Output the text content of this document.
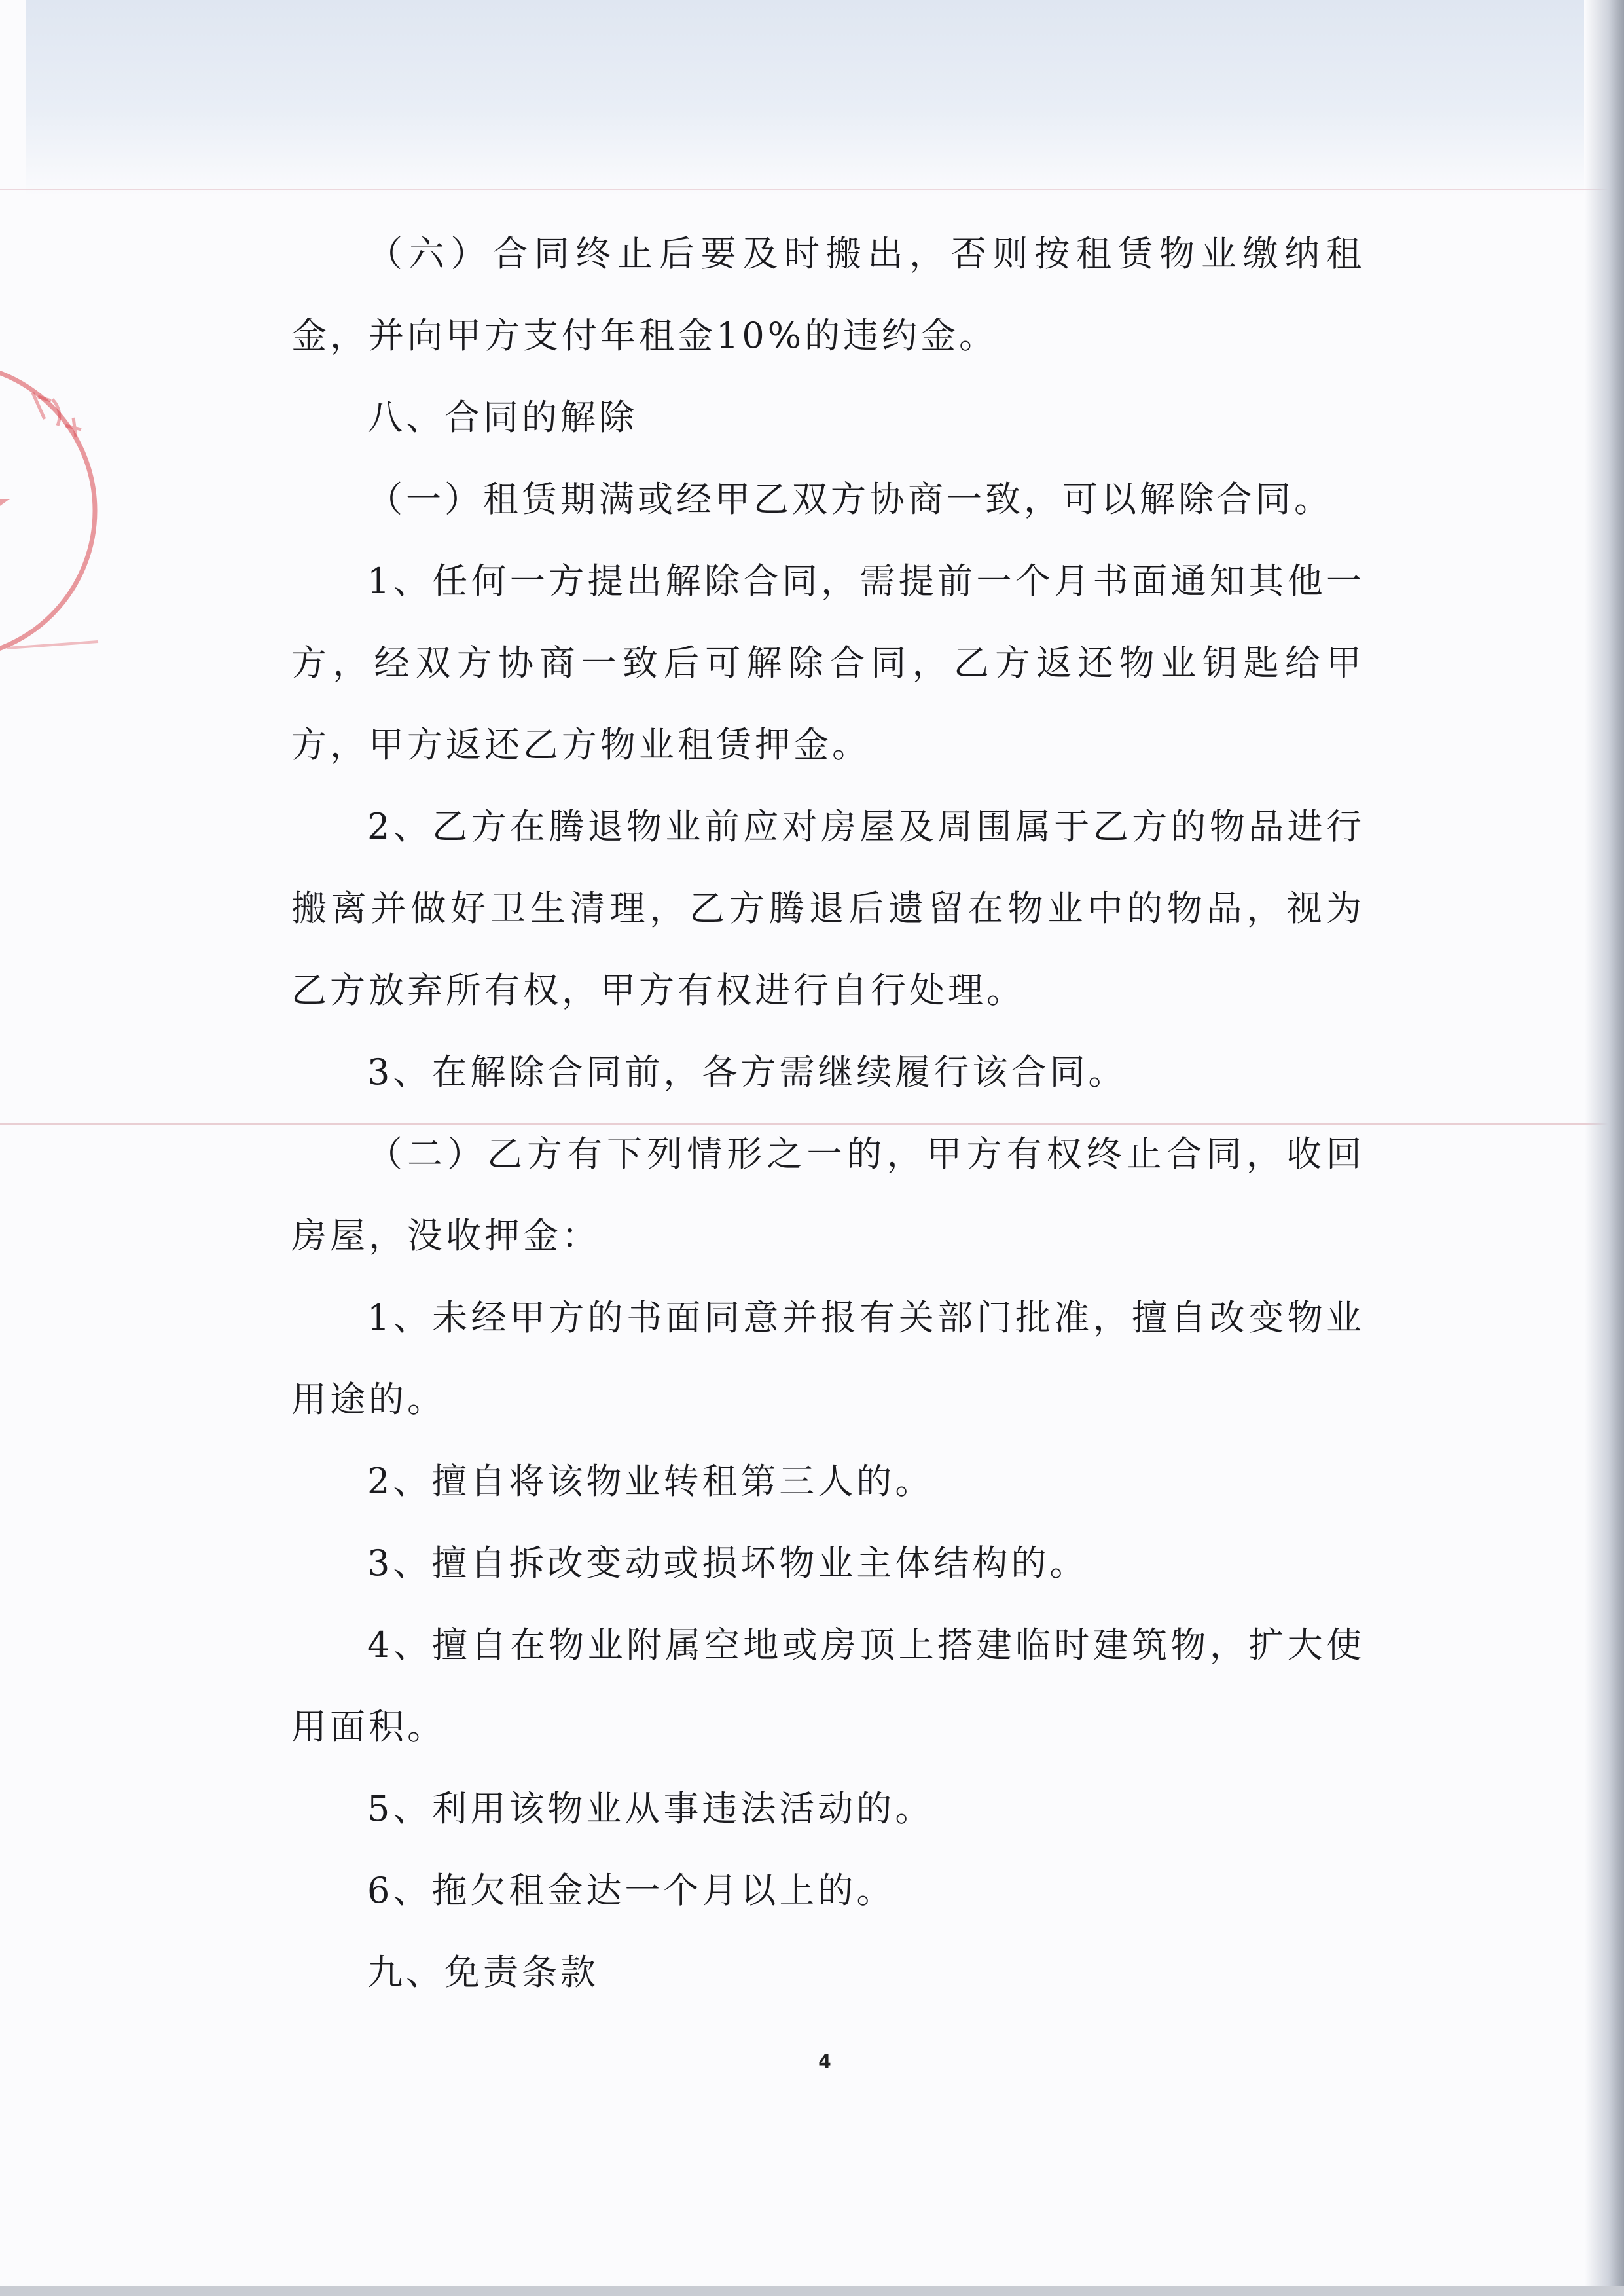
（六）合同终止后要及时搬出，否则按租赁物业缴纳租金，并向甲方支付年租金10%的违约金。

八、合同的解除

（一）租赁期满或经甲乙双方协商一致，可以解除合同。

1、任何一方提出解除合同，需提前一个月书面通知其他一方，经双方协商一致后可解除合同，乙方返还物业钥匙给甲方，甲方返还乙方物业租赁押金。

2、乙方在腾退物业前应对房屋及周围属于乙方的物品进行搬离并做好卫生清理，乙方腾退后遗留在物业中的物品，视为乙方放弃所有权，甲方有权进行自行处理。

3、在解除合同前，各方需继续履行该合同。

（二）乙方有下列情形之一的，甲方有权终止合同，收回房屋，没收押金：

1、未经甲方的书面同意并报有关部门批准，擅自改变物业用途的。

2、擅自将该物业转租第三人的。

3、擅自拆改变动或损坏物业主体结构的。

4、擅自在物业附属空地或房顶上搭建临时建筑物，扩大使用面积。

5、利用该物业从事违法活动的。

6、拖欠租金达一个月以上的。

九、免责条款

4
